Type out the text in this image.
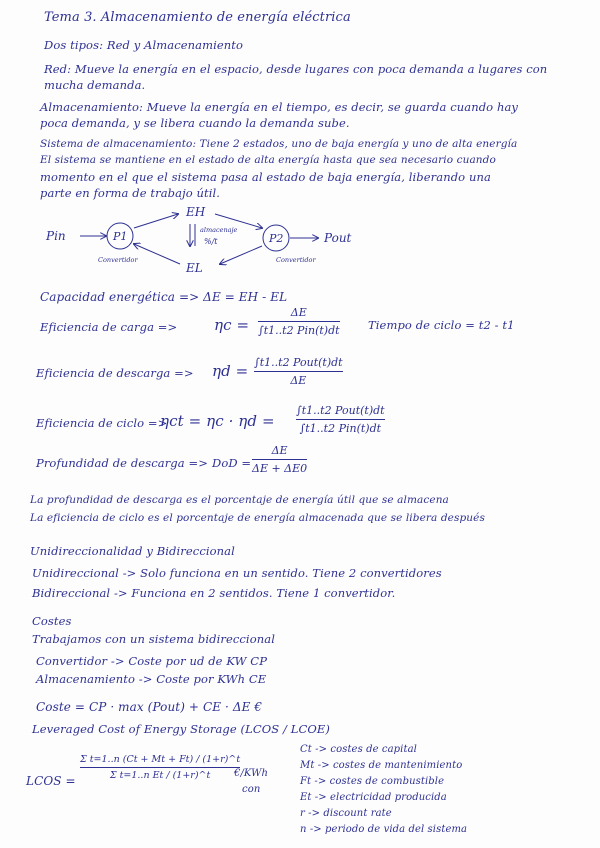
Tema 3. Almacenamiento de energía eléctrica
Dos tipos: Red y Almacenamiento
Red: Mueve la energía en el espacio, desde lugares con poca demanda a lugares con
mucha demanda.
Almacenamiento: Mueve la energía en el tiempo, es decir, se guarda cuando hay
poca demanda, y se libera cuando la demanda sube.
Sistema de almacenamiento: Tiene 2 estados, uno de baja energía y uno de alta energía
El sistema se mantiene en el estado de alta energía hasta que sea necesario cuando
momento en el que el sistema pasa al estado de baja energía, liberando una
parte en forma de trabajo útil.
Pin	P1	P2	Pout
EH
EL
almacenaje
%/t
Convertidor	Convertidor
Capacidad energética => ΔE = EH - EL
Eficiencia de carga => ηc =
ΔE
∫t1..t2 Pin(t)dt Tiempo de ciclo = t2 - t1
Eficiencia de descarga => ηd = ∫t1..t2 Pout(t)dt
ΔE
Eficiencia de ciclo =>
ηct = ηc · ηd =
∫t1..t2 Pout(t)dt
∫t1..t2 Pin(t)dt
Profundidad de descarga => DoD =
ΔE
ΔE + ΔE0
La profundidad de descarga es el porcentaje de energía útil que se almacena
La eficiencia de ciclo es el porcentaje de energía almacenada que se libera después
Unidireccionalidad y Bidireccional
Unidireccional -> Solo funciona en un sentido. Tiene 2 convertidores
Bidireccional -> Funciona en 2 sentidos. Tiene 1 convertidor.
Costes
Trabajamos con un sistema bidireccional
Convertidor -> Coste por ud de KW CP
Almacenamiento -> Coste por KWh CE
Coste = CP · max (Pout) + CE · ΔE €
Leveraged Cost of Energy Storage (LCOS / LCOE)
LCOS =
Σ t=1..n (Ct + Mt + Ft) / (1+r)^t
Σ t=1..n Et / (1+r)^t €/KWh
con
Ct -> costes de capital
Mt -> costes de mantenimiento
Ft -> costes de combustible
Et -> electricidad producida
r -> discount rate
n -> periodo de vida del sistema
